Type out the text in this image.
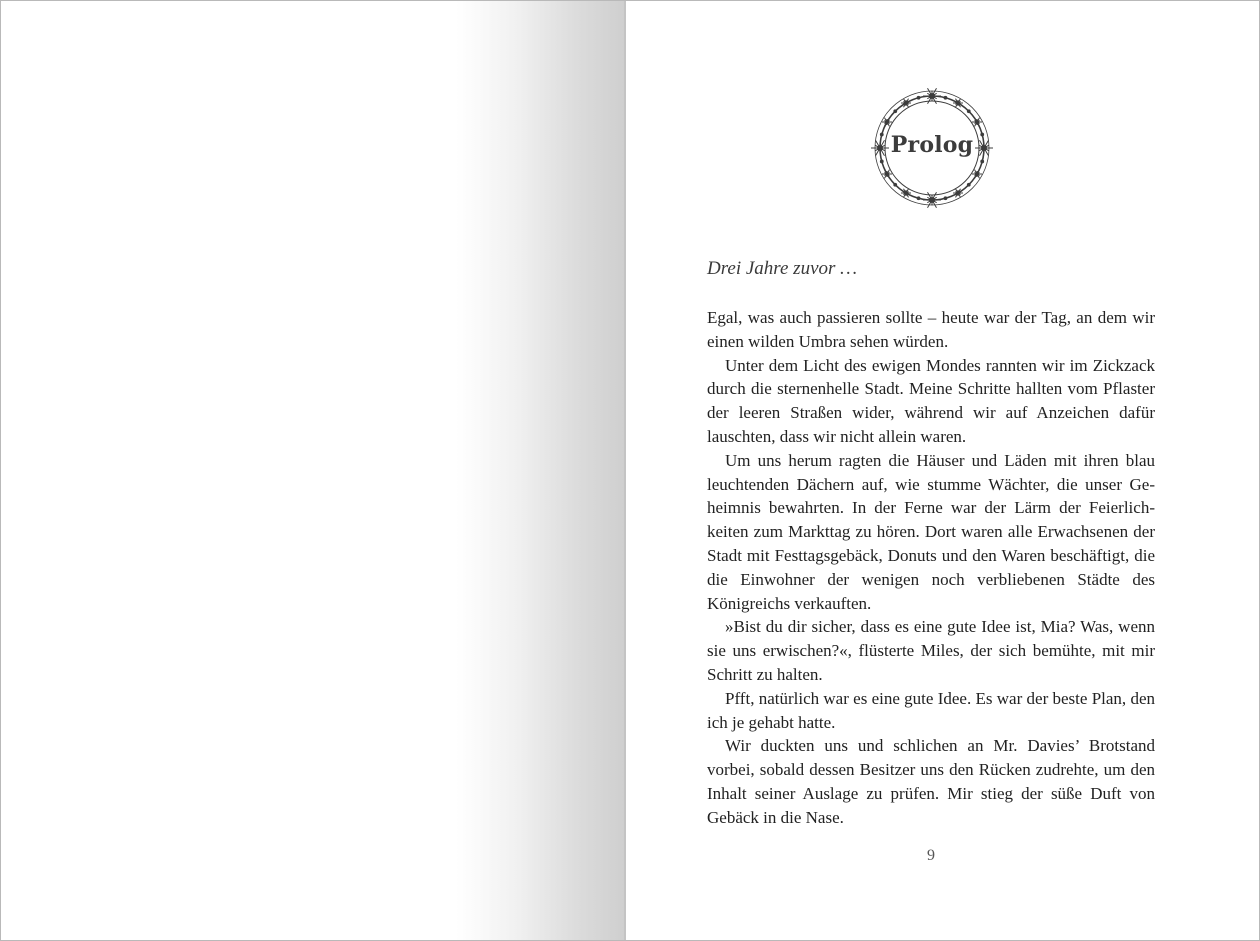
Prolog
Drei Jahre zuvor …

Egal, was auch passieren sollte – heute war der Tag, an dem wir einen wilden Umbra sehen würden.

Unter dem Licht des ewigen Mondes rannten wir im Zickzack durch die sternenhelle Stadt. Meine Schritte hallten vom Pflaster der leeren Straßen wider, während wir auf Anzeichen dafür lauschten, dass wir nicht allein waren.

Um uns herum ragten die Häuser und Läden mit ihren blau leuchtenden Dächern auf, wie stumme Wächter, die unser Geheimnis bewahrten. In der Ferne war der Lärm der Feierlichkeiten zum Markttag zu hören. Dort waren alle Erwachsenen der Stadt mit Festtagsgebäck, Donuts und den Waren beschäftigt, die die Einwohner der wenigen noch verbliebenen Städte des Königreichs verkauften.

»Bist du dir sicher, dass es eine gute Idee ist, Mia? Was, wenn sie uns erwischen?«, flüsterte Miles, der sich bemühte, mit mir Schritt zu halten.

Pfft, natürlich war es eine gute Idee. Es war der beste Plan, den ich je gehabt hatte.

Wir duckten uns und schlichen an Mr. Davies’ Brotstand vorbei, sobald dessen Besitzer uns den Rücken zudrehte, um den Inhalt seiner Auslage zu prüfen. Mir stieg der süße Duft von Gebäck in die Nase.

9
